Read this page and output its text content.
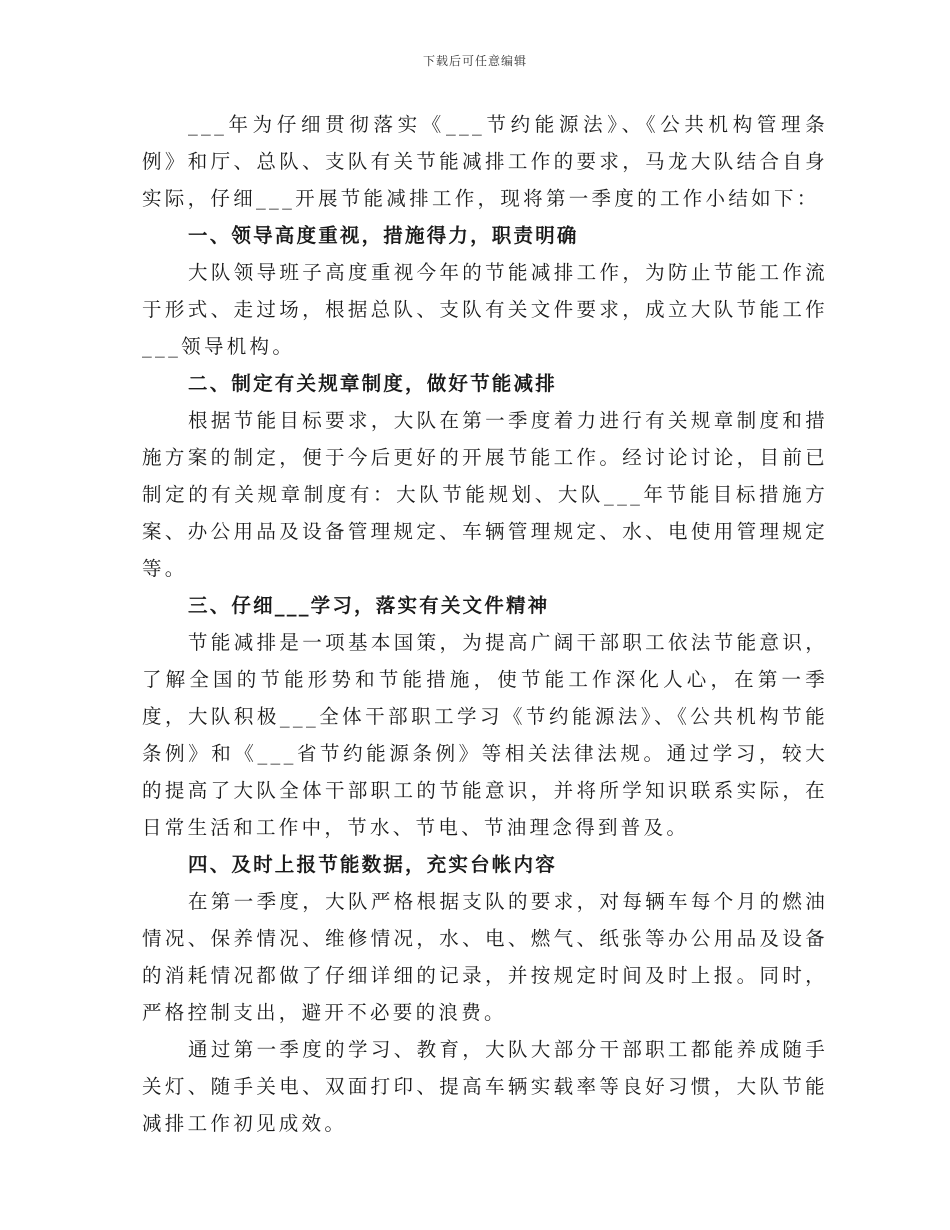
下载后可任意编辑

___年为仔细贯彻落实《___节约能源法》、《公共机构管理条例》和厅、总队、支队有关节能减排工作的要求，马龙大队结合自身实际，仔细___开展节能减排工作，现将第一季度的工作小结如下：

一、领导高度重视，措施得力，职责明确

大队领导班子高度重视今年的节能减排工作，为防止节能工作流于形式、走过场，根据总队、支队有关文件要求，成立大队节能工作___领导机构。

二、制定有关规章制度，做好节能减排

根据节能目标要求，大队在第一季度着力进行有关规章制度和措施方案的制定，便于今后更好的开展节能工作。经讨论讨论，目前已制定的有关规章制度有：大队节能规划、大队___年节能目标措施方案、办公用品及设备管理规定、车辆管理规定、水、电使用管理规定等。

三、仔细___学习，落实有关文件精神

节能减排是一项基本国策，为提高广阔干部职工依法节能意识，了解全国的节能形势和节能措施，使节能工作深化人心，在第一季度，大队积极___全体干部职工学习《节约能源法》、《公共机构节能条例》和《___省节约能源条例》等相关法律法规。通过学习，较大的提高了大队全体干部职工的节能意识，并将所学知识联系实际，在日常生活和工作中，节水、节电、节油理念得到普及。

四、及时上报节能数据，充实台帐内容

在第一季度，大队严格根据支队的要求，对每辆车每个月的燃油情况、保养情况、维修情况，水、电、燃气、纸张等办公用品及设备的消耗情况都做了仔细详细的记录，并按规定时间及时上报。同时，严格控制支出，避开不必要的浪费。

通过第一季度的学习、教育，大队大部分干部职工都能养成随手关灯、随手关电、双面打印、提高车辆实载率等良好习惯，大队节能减排工作初见成效。
